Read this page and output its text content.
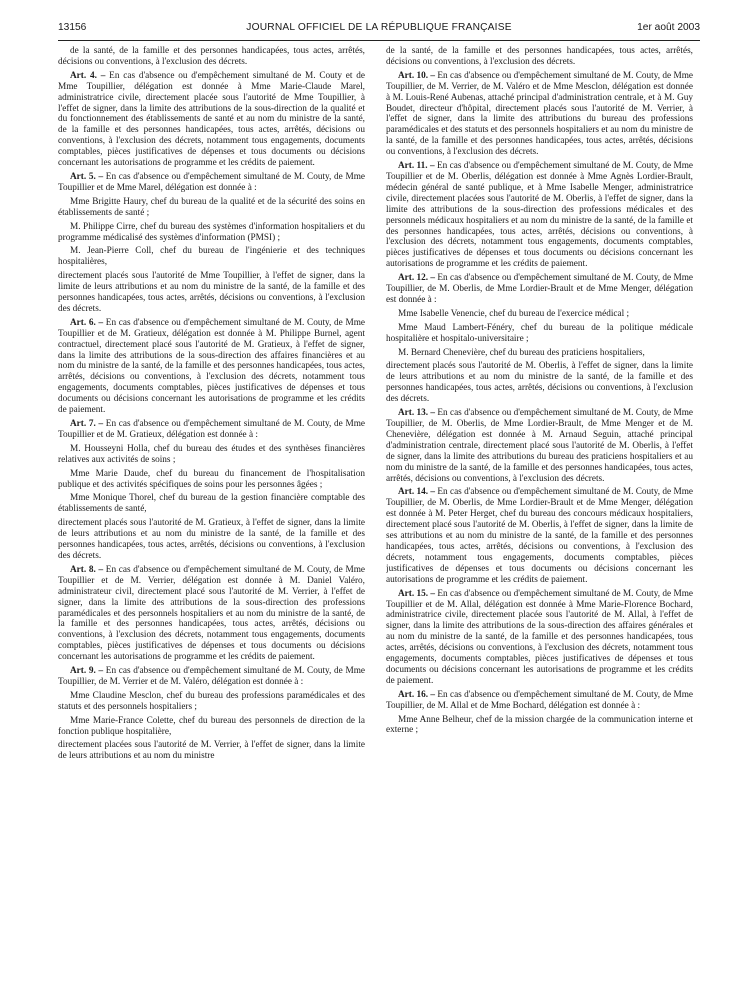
13156	JOURNAL OFFICIEL DE LA RÉPUBLIQUE FRANÇAISE	1er août 2003

de la santé, de la famille et des personnes handicapées, tous actes, arrêtés, décisions ou conventions, à l'exclusion des décrets.

Art. 4. – En cas d'absence ou d'empêchement simultané de M. Couty et de Mme Toupillier, délégation est donnée à Mme Marie-Claude Marel, administratrice civile, directement placée sous l'autorité de Mme Toupillier, à l'effet de signer, dans la limite des attributions de la sous-direction de la qualité et du fonctionnement des établissements de santé et au nom du ministre de la santé, de la famille et des personnes handicapées, tous actes, arrêtés, décisions ou conventions, à l'exclusion des décrets, notamment tous engagements, documents comptables, pièces justificatives de dépenses et tous documents ou décisions concernant les autorisations de programme et les crédits de paiement.

Art. 5. – En cas d'absence ou d'empêchement simultané de M. Couty, de Mme Toupillier et de Mme Marel, délégation est donnée à :

Mme Brigitte Haury, chef du bureau de la qualité et de la sécurité des soins en établissements de santé ;

M. Philippe Cirre, chef du bureau des systèmes d'information hospitaliers et du programme médicalisé des systèmes d'information (PMSI) ;

M. Jean-Pierre Coll, chef du bureau de l'ingénierie et des techniques hospitalières,

directement placés sous l'autorité de Mme Toupillier, à l'effet de signer, dans la limite de leurs attributions et au nom du ministre de la santé, de la famille et des personnes handicapées, tous actes, arrêtés, décisions ou conventions, à l'exclusion des décrets.

Art. 6. – En cas d'absence ou d'empêchement simultané de M. Couty, de Mme Toupillier et de M. Gratieux, délégation est donnée à M. Philippe Burnel, agent contractuel, directement placé sous l'autorité de M. Gratieux, à l'effet de signer, dans la limite des attributions de la sous-direction des affaires financières et au nom du ministre de la santé, de la famille et des personnes handicapées, tous actes, arrêtés, décisions ou conventions, à l'exclusion des décrets, notamment tous engagements, documents comptables, pièces justificatives de dépenses et tous documents ou décisions concernant les autorisations de programme et les crédits de paiement.

Art. 7. – En cas d'absence ou d'empêchement simultané de M. Couty, de Mme Toupillier et de M. Gratieux, délégation est donnée à :

M. Housseyni Holla, chef du bureau des études et des synthèses financières relatives aux activités de soins ;

Mme Marie Daude, chef du bureau du financement de l'hospitalisation publique et des activités spécifiques de soins pour les personnes âgées ;

Mme Monique Thorel, chef du bureau de la gestion financière comptable des établissements de santé,

directement placés sous l'autorité de M. Gratieux, à l'effet de signer, dans la limite de leurs attributions et au nom du ministre de la santé, de la famille et des personnes handicapées, tous actes, arrêtés, décisions ou conventions, à l'exclusion des décrets.

Art. 8. – En cas d'absence ou d'empêchement simultané de M. Couty, de Mme Toupillier et de M. Verrier, délégation est donnée à M. Daniel Valéro, administrateur civil, directement placé sous l'autorité de M. Verrier, à l'effet de signer, dans la limite des attributions de la sous-direction des professions paramédicales et des personnels hospitaliers et au nom du ministre de la santé, de la famille et des personnes handicapées, tous actes, arrêtés, décisions ou conventions, à l'exclusion des décrets, notamment tous engagements, documents comptables, pièces justificatives de dépenses et tous documents ou décisions concernant les autorisations de programme et les crédits de paiement.

Art. 9. – En cas d'absence ou d'empêchement simultané de M. Couty, de Mme Toupillier, de M. Verrier et de M. Valéro, délégation est donnée à :

Mme Claudine Mesclon, chef du bureau des professions paramédicales et des statuts et des personnels hospitaliers ;

Mme Marie-France Colette, chef du bureau des personnels de direction de la fonction publique hospitalière,

directement placées sous l'autorité de M. Verrier, à l'effet de signer, dans la limite de leurs attributions et au nom du ministre

de la santé, de la famille et des personnes handicapées, tous actes, arrêtés, décisions ou conventions, à l'exclusion des décrets.

Art. 10. – En cas d'absence ou d'empêchement simultané de M. Couty, de Mme Toupillier, de M. Verrier, de M. Valéro et de Mme Mesclon, délégation est donnée à M. Louis-René Aubenas, attaché principal d'administration centrale, et à M. Guy Boudet, directeur d'hôpital, directement placés sous l'autorité de M. Verrier, à l'effet de signer, dans la limite des attributions du bureau des professions paramédicales et des statuts et des personnels hospitaliers et au nom du ministre de la santé, de la famille et des personnes handicapées, tous actes, arrêtés, décisions ou conventions, à l'exclusion des décrets.

Art. 11. – En cas d'absence ou d'empêchement simultané de M. Couty, de Mme Toupillier et de M. Oberlis, délégation est donnée à Mme Agnès Lordier-Brault, médecin général de santé publique, et à Mme Isabelle Menger, administratrice civile, directement placées sous l'autorité de M. Oberlis, à l'effet de signer, dans la limite des attributions de la sous-direction des professions médicales et des personnels médicaux hospitaliers et au nom du ministre de la santé, de la famille et des personnes handicapées, tous actes, arrêtés, décisions ou conventions, à l'exclusion des décrets, notamment tous engagements, documents comptables, pièces justificatives de dépenses et tous documents ou décisions concernant les autorisations de programme et les crédits de paiement.

Art. 12. – En cas d'absence ou d'empêchement simultané de M. Couty, de Mme Toupillier, de M. Oberlis, de Mme Lordier-Brault et de Mme Menger, délégation est donnée à :

Mme Isabelle Venencie, chef du bureau de l'exercice médical ;

Mme Maud Lambert-Fénéry, chef du bureau de la politique médicale hospitalière et hospitalo-universitaire ;

M. Bernard Chenevière, chef du bureau des praticiens hospitaliers,

directement placés sous l'autorité de M. Oberlis, à l'effet de signer, dans la limite de leurs attributions et au nom du ministre de la santé, de la famille et des personnes handicapées, tous actes, arrêtés, décisions ou conventions, à l'exclusion des décrets.

Art. 13. – En cas d'absence ou d'empêchement simultané de M. Couty, de Mme Toupillier, de M. Oberlis, de Mme Lordier-Brault, de Mme Menger et de M. Chenevière, délégation est donnée à M. Arnaud Seguin, attaché principal d'administration centrale, directement placé sous l'autorité de M. Oberlis, à l'effet de signer, dans la limite des attributions du bureau des praticiens hospitaliers et au nom du ministre de la santé, de la famille et des personnes handicapées, tous actes, arrêtés, décisions ou conventions, à l'exclusion des décrets.

Art. 14. – En cas d'absence ou d'empêchement simultané de M. Couty, de Mme Toupillier, de M. Oberlis, de Mme Lordier-Brault et de Mme Menger, délégation est donnée à M. Peter Herget, chef du bureau des concours médicaux hospitaliers, directement placé sous l'autorité de M. Oberlis, à l'effet de signer, dans la limite de ses attributions et au nom du ministre de la santé, de la famille et des personnes handicapées, tous actes, arrêtés, décisions ou conventions, à l'exclusion des décrets, notamment tous engagements, documents comptables, pièces justificatives de dépenses et tous documents ou décisions concernant les autorisations de programme et les crédits de paiement.

Art. 15. – En cas d'absence ou d'empêchement simultané de M. Couty, de Mme Toupillier et de M. Allal, délégation est donnée à Mme Marie-Florence Bochard, administratrice civile, directement placée sous l'autorité de M. Allal, à l'effet de signer, dans la limite des attributions de la sous-direction des affaires générales et au nom du ministre de la santé, de la famille et des personnes handicapées, tous actes, arrêtés, décisions ou conventions, à l'exclusion des décrets, notamment tous engagements, documents comptables, pièces justificatives de dépenses et tous documents ou décisions concernant les autorisations de programme et les crédits de paiement.

Art. 16. – En cas d'absence ou d'empêchement simultané de M. Couty, de Mme Toupillier, de M. Allal et de Mme Bochard, délégation est donnée à :

Mme Anne Belheur, chef de la mission chargée de la communication interne et externe ;
